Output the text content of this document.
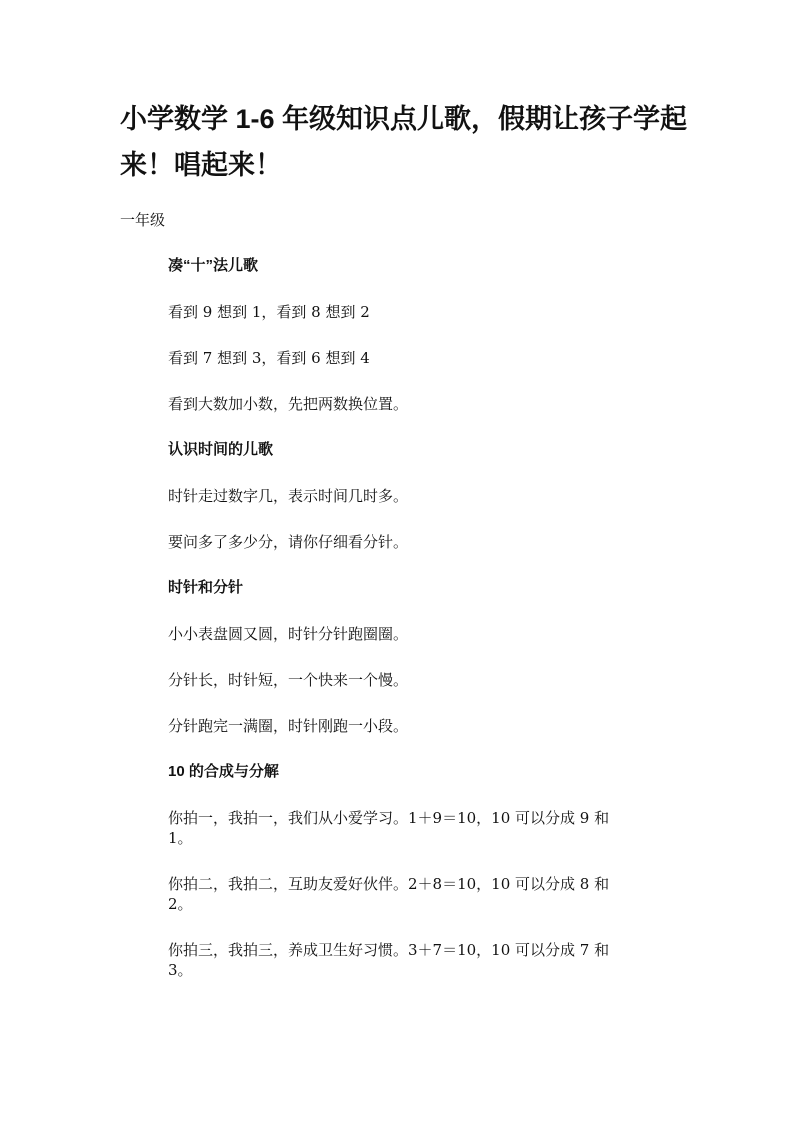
小学数学 1-6 年级知识点儿歌，假期让孩子学起来！唱起来！
一年级
凑“十”法儿歌
看到 9 想到 1，看到 8 想到 2
看到 7 想到 3，看到 6 想到 4
看到大数加小数，先把两数换位置。
认识时间的儿歌
时针走过数字几，表示时间几时多。
要问多了多少分，请你仔细看分针。
时针和分针
小小表盘圆又圆，时针分针跑圈圈。
分针长，时针短，一个快来一个慢。
分针跑完一满圈，时针刚跑一小段。
10 的合成与分解
你拍一，我拍一，我们从小爱学习。1＋9＝10，10 可以分成 9 和 1。
你拍二，我拍二，互助友爱好伙伴。2＋8＝10，10 可以分成 8 和 2。
你拍三，我拍三，养成卫生好习惯。3＋7＝10，10 可以分成 7 和 3。
